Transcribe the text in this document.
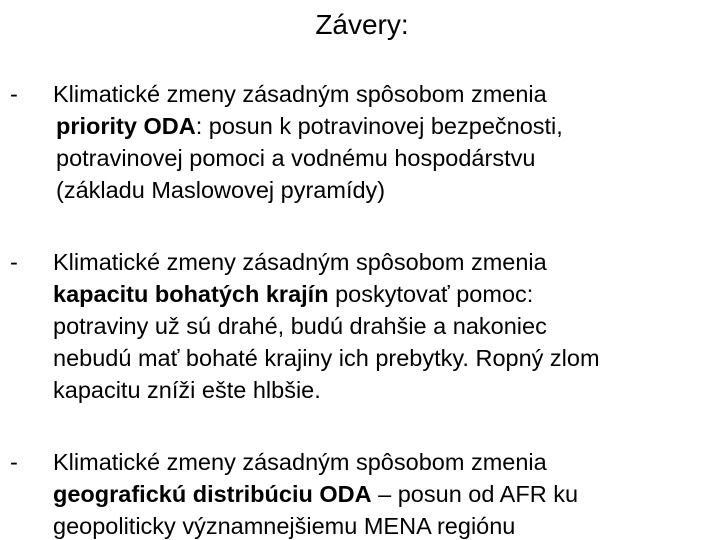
Závery:
- Klimatické zmeny zásadným spôsobom zmenia
priority ODA: posun k potravinovej bezpečnosti,
potravinovej pomoci a vodnému hospodárstvu
(základu Maslowovej pyramídy)
- Klimatické zmeny zásadným spôsobom zmenia
kapacitu bohatých krajín poskytovať pomoc:
potraviny už sú drahé, budú drahšie a nakoniec
nebudú mať bohaté krajiny ich prebytky. Ropný zlom
kapacitu zníži ešte hlbšie.
- Klimatické zmeny zásadným spôsobom zmenia
geografickú distribúciu ODA – posun od AFR ku
geopoliticky významnejšiemu MENA regiónu
